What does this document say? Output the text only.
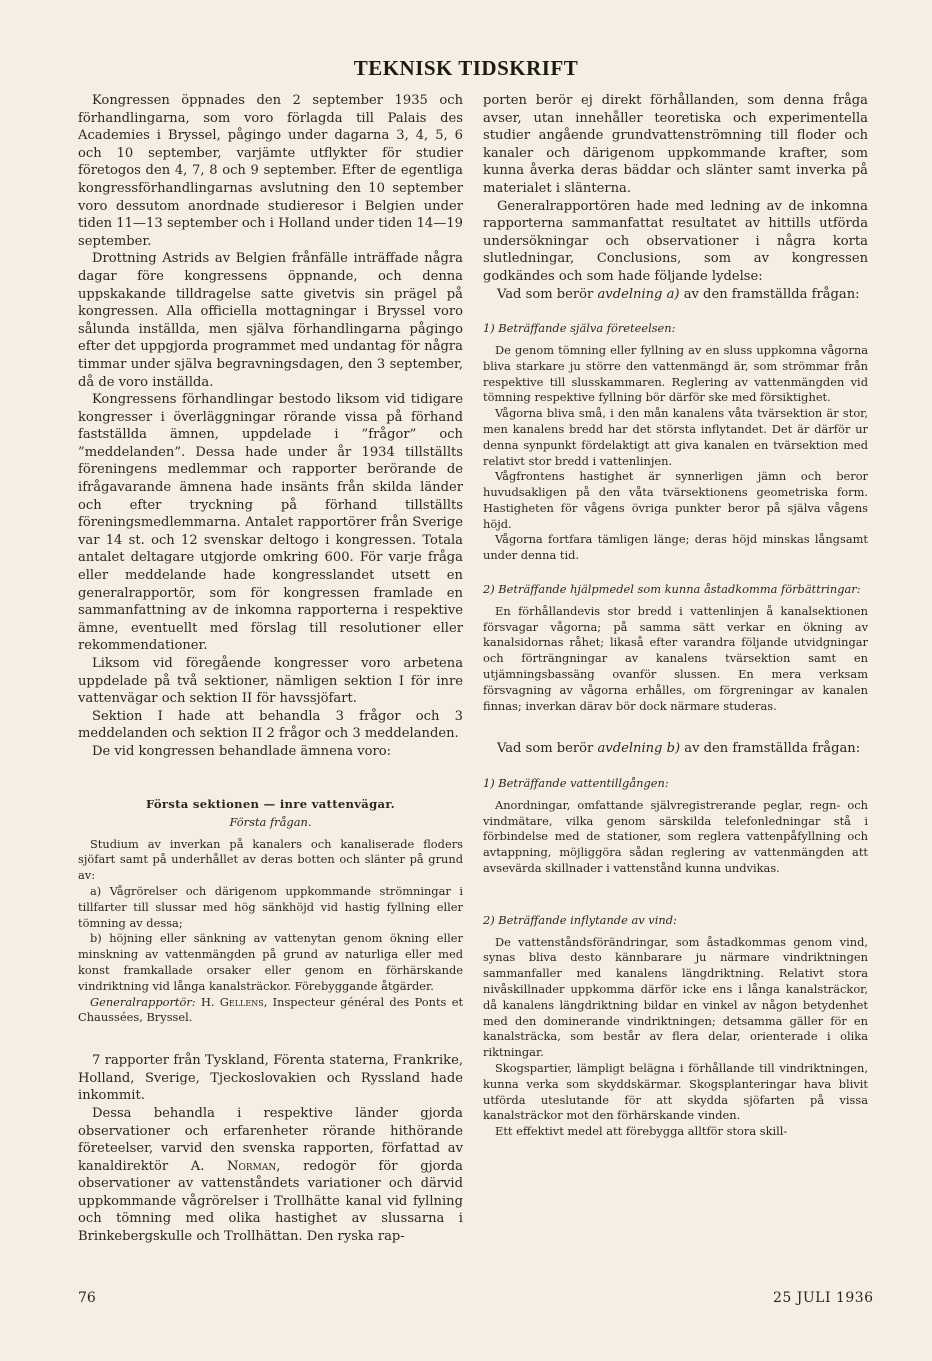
TEKNISK TIDSKRIFT

Kongressen öppnades den 2 september 1935 och förhandlingarna, som voro förlagda till Palais des Academies i Bryssel, pågingo under dagarna 3, 4, 5, 6 och 10 september, varjämte utflykter för studier företogos den 4, 7, 8 och 9 september. Efter de egentliga kongressförhandlingarnas avslutning den 10 september voro dessutom anordnade studieresor i Belgien under tiden 11—13 september och i Holland under tiden 14—19 september.

Drottning Astrids av Belgien frånfälle inträffade några dagar före kongressens öppnande, och denna uppskakande tilldragelse satte givetvis sin prägel på kongressen. Alla officiella mottagningar i Bryssel voro sålunda inställda, men själva förhandlingarna pågingo efter det uppgjorda programmet med undantag för några timmar under själva begravningsdagen, den 3 september, då de voro inställda.

Kongressens förhandlingar bestodo liksom vid tidigare kongresser i överläggningar rörande vissa på förhand fastställda ämnen, uppdelade i ”frågor” och ”meddelanden”. Dessa hade under år 1934 tillställts föreningens medlemmar och rapporter berörande de ifrågavarande ämnena hade insänts från skilda länder och efter tryckning på förhand tillställts föreningsmedlemmarna. Antalet rapportörer från Sverige var 14 st. och 12 svenskar deltogo i kongressen. Totala antalet deltagare utgjorde omkring 600. För varje fråga eller meddelande hade kongresslandet utsett en generalrapportör, som för kongressen framlade en sammanfattning av de inkomna rapporterna i respektive ämne, eventuellt med förslag till resolutioner eller rekommendationer.

Liksom vid föregående kongresser voro arbetena uppdelade på två sektioner, nämligen sektion I för inre vattenvägar och sektion II för havssjöfart.

Sektion I hade att behandla 3 frågor och 3 meddelanden och sektion II 2 frågor och 3 meddelanden.

De vid kongressen behandlade ämnena voro:

Första sektionen — inre vattenvägar.

Första frågan.

Studium av inverkan på kanalers och kanaliserade floders sjöfart samt på underhållet av deras botten och slänter på grund av:

a) Vågrörelser och därigenom uppkommande strömningar i tillfarter till slussar med hög sänkhöjd vid hastig fyllning eller tömning av dessa;

b) höjning eller sänkning av vattenytan genom ökning eller minskning av vattenmängden på grund av naturliga eller med konst framkallade orsaker eller genom en förhärskande vindriktning vid långa kanalsträckor. Förebyggande åtgärder.

Generalrapportör: H. Gellens, Inspecteur général des Ponts et Chaussées, Bryssel.

7 rapporter från Tyskland, Förenta staterna, Frankrike, Holland, Sverige, Tjeckoslovakien och Ryssland hade inkommit.

Dessa behandla i respektive länder gjorda observationer och erfarenheter rörande hithörande företeelser, varvid den svenska rapporten, författad av kanaldirektör A. Norman, redogör för gjorda observationer av vattenståndets variationer och därvid uppkommande vågrörelser i Trollhätte kanal vid fyllning och tömning med olika hastighet av slussarna i Brinkebergskulle och Trollhättan. Den ryska rap-

porten berör ej direkt förhållanden, som denna fråga avser, utan innehåller teoretiska och experimentella studier angående grundvattenströmning till floder och kanaler och därigenom uppkommande krafter, som kunna åverka deras bäddar och slänter samt inverka på materialet i slänterna.

Generalrapportören hade med ledning av de inkomna rapporterna sammanfattat resultatet av hittills utförda undersökningar och observationer i några korta slutledningar, Conclusions, som av kongressen godkändes och som hade följande lydelse:

Vad som berör avdelning a) av den framställda frågan:

1) Beträffande själva företeelsen:

De genom tömning eller fyllning av en sluss uppkomna vågorna bliva starkare ju större den vattenmängd är, som strömmar från respektive till slusskammaren. Reglering av vattenmängden vid tömning respektive fyllning bör därför ske med försiktighet.

Vågorna bliva små, i den mån kanalens våta tvärsektion är stor, men kanalens bredd har det största inflytandet. Det är därför ur denna synpunkt fördelaktigt att giva kanalen en tvärsektion med relativt stor bredd i vattenlinjen.

Vågfrontens hastighet är synnerligen jämn och beror huvudsakligen på den våta tvärsektionens geometriska form. Hastigheten för vågens övriga punkter beror på själva vågens höjd.

Vågorna fortfara tämligen länge; deras höjd minskas långsamt under denna tid.

2) Beträffande hjälpmedel som kunna åstadkomma förbättringar:

En förhållandevis stor bredd i vattenlinjen å kanalsektionen försvagar vågorna; på samma sätt verkar en ökning av kanalsidornas råhet; likaså efter varandra följande utvidgningar och förträngningar av kanalens tvärsektion samt en utjämningsbassäng ovanför slussen. En mera verksam försvagning av vågorna erhålles, om förgreningar av kanalen finnas; inverkan därav bör dock närmare studeras.

Vad som berör avdelning b) av den framställda frågan:

1) Beträffande vattentillgången:

Anordningar, omfattande självregistrerande peglar, regn- och vindmätare, vilka genom särskilda telefonledningar stå i förbindelse med de stationer, som reglera vattenpåfyllning och avtappning, möjliggöra sådan reglering av vattenmängden att avsevärda skillnader i vattenstånd kunna undvikas.

2) Beträffande inflytande av vind:

De vattenståndsförändringar, som åstadkommas genom vind, synas bliva desto kännbarare ju närmare vindriktningen sammanfaller med kanalens längdriktning. Relativt stora nivåskillnader uppkomma därför icke ens i långa kanalsträckor, då kanalens längdriktning bildar en vinkel av någon betydenhet med den dominerande vindriktningen; detsamma gäller för en kanalsträcka, som består av flera delar, orienterade i olika riktningar.

Skogspartier, lämpligt belägna i förhållande till vindriktningen, kunna verka som skyddskärmar. Skogsplanteringar hava blivit utförda uteslutande för att skydda sjöfarten på vissa kanalsträckor mot den förhärskande vinden.

Ett effektivt medel att förebygga alltför stora skill-

76	25 JULI 1936
